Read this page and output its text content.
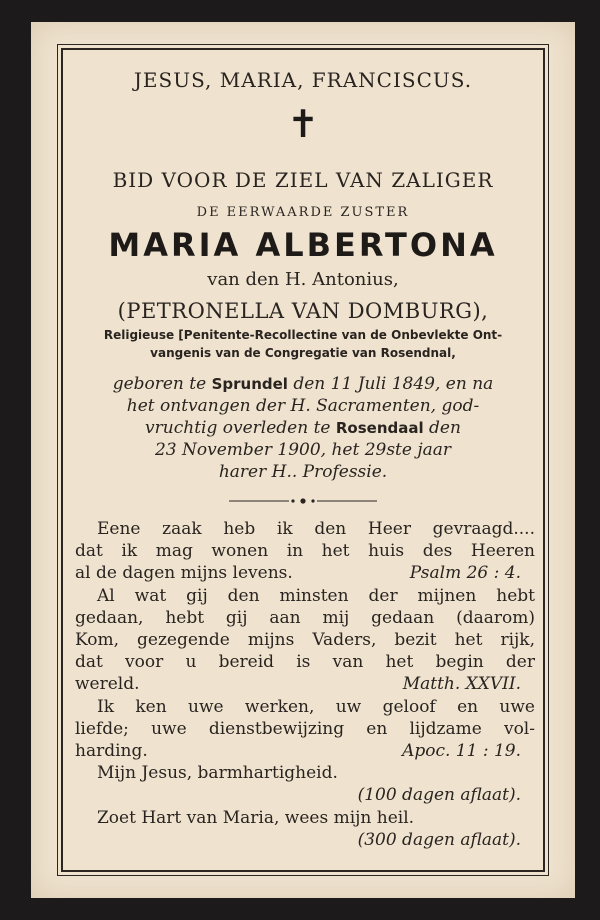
JESUS, MARIA, FRANCISCUS.
✝
BID VOOR DE ZIEL VAN ZALIGER
DE EERWAARDE ZUSTER
MARIA ALBERTONA
van den H. Antonius,
(PETRONELLA VAN DOMBURG),
Religieuse [Penitente-Recollectine van de Onbevlekte Ont-
vangenis van de Congregatie van Rosendnal,
geboren te Sprundel den 11 Juli 1849, en na
het ontvangen der H. Sacramenten, god-
vruchtig overleden te Rosendaal den
23 November 1900, het 29ste jaar
harer H.. Professie.
Eene zaak heb ik den Heer gevraagd....
dat ik mag wonen in het huis des Heeren
al de dagen mijns levens.	Psalm 26 : 4.
Al wat gij den minsten der mijnen hebt
gedaan, hebt gij aan mij gedaan (daarom)
Kom, gezegende mijns Vaders, bezit het rijk,
dat voor u bereid is van het begin der
wereld.	Matth. XXVII.
Ik ken uwe werken, uw geloof en uwe
liefde; uwe dienstbewijzing en lijdzame vol-
harding.	Apoc. 11 : 19.
Mijn Jesus, barmhartigheid.
(100 dagen aflaat).
Zoet Hart van Maria, wees mijn heil.
(300 dagen aflaat).
